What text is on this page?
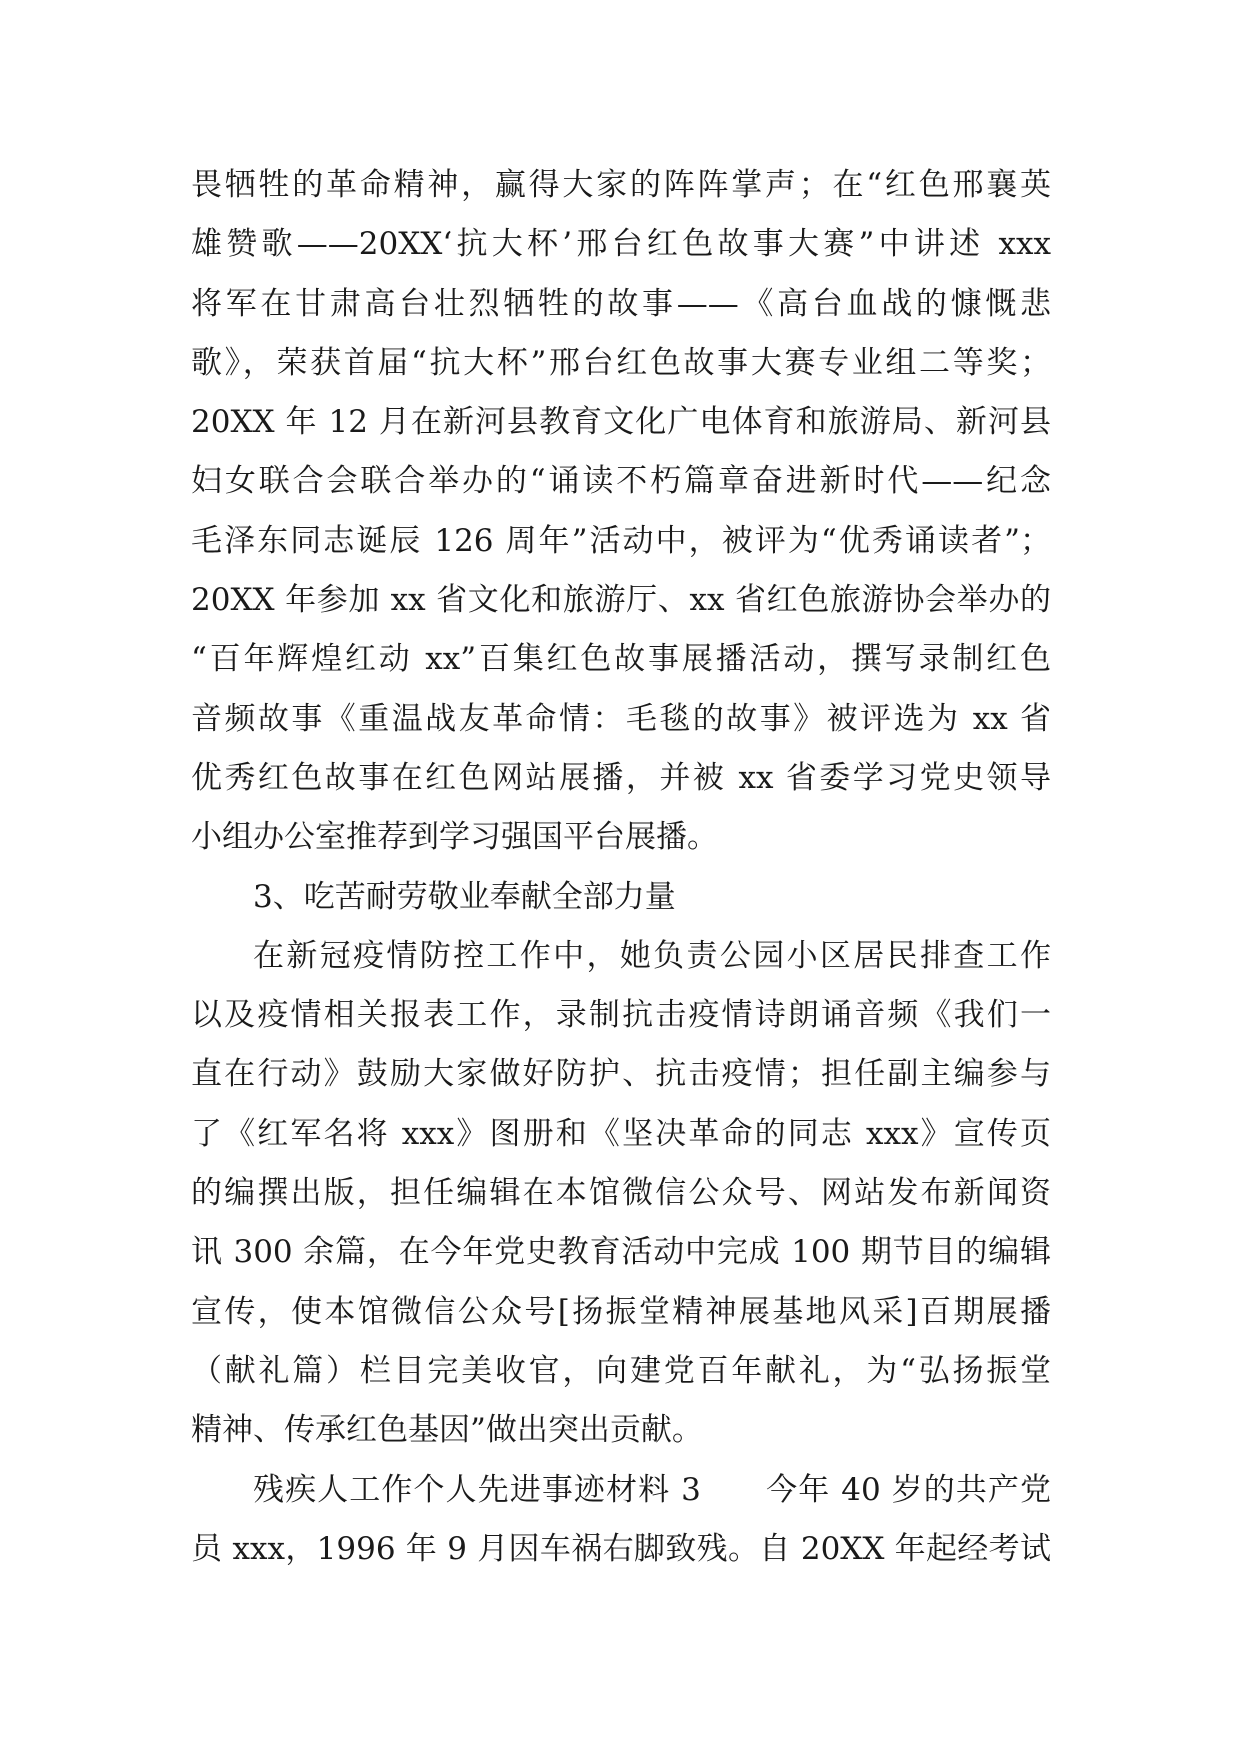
畏牺牲的革命精神，赢得大家的阵阵掌声；在“红色邢襄英
雄赞歌——20XX‘抗大杯’邢台红色故事大赛”中讲述 xxx
将军在甘肃高台壮烈牺牲的故事——《高台血战的慷慨悲
歌》，荣获首届“抗大杯”邢台红色故事大赛专业组二等奖；
20XX 年 12 月在新河县教育文化广电体育和旅游局、新河县
妇女联合会联合举办的“诵读不朽篇章奋进新时代——纪念
毛泽东同志诞辰 126 周年”活动中，被评为“优秀诵读者”；
20XX 年参加 xx 省文化和旅游厅、xx 省红色旅游协会举办的
“百年辉煌红动 xx”百集红色故事展播活动，撰写录制红色
音频故事《重温战友革命情：毛毯的故事》被评选为 xx 省
优秀红色故事在红色网站展播，并被 xx 省委学习党史领导
小组办公室推荐到学习强国平台展播。
3、吃苦耐劳敬业奉献全部力量
在新冠疫情防控工作中，她负责公园小区居民排查工作
以及疫情相关报表工作，录制抗击疫情诗朗诵音频《我们一
直在行动》鼓励大家做好防护、抗击疫情；担任副主编参与
了《红军名将 xxx》图册和《坚决革命的同志 xxx》宣传页
的编撰出版，担任编辑在本馆微信公众号、网站发布新闻资
讯 300 余篇，在今年党史教育活动中完成 100 期节目的编辑
宣传，使本馆微信公众号[扬振堂精神展基地风采]百期展播
（献礼篇）栏目完美收官，向建党百年献礼，为“弘扬振堂
精神、传承红色基因”做出突出贡献。
残疾人工作个人先进事迹材料 3　　今年 40 岁的共产党
员 xxx，1996 年 9 月因车祸右脚致残。自 20XX 年起经考试
